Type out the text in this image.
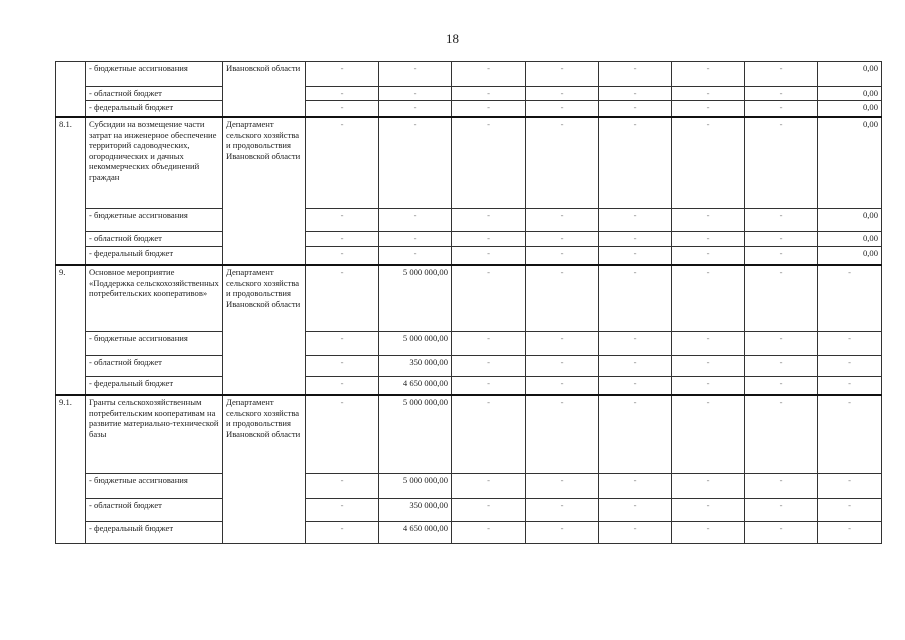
18
	- бюджетные ассигнования	Ивановской области	-	-	-	-	-	-	-	0,00
	- областной бюджет		-	-	-	-	-	-	-	0,00
	- федеральный бюджет		-	-	-	-	-	-	-	0,00
8.1.	Субсидии на возмещение части затрат на инженерное обеспечение территорий садоводческих, огороднических и дачных некоммерческих объединений граждан	Департамент сельского хозяйства и продовольствия Ивановской области	-	-	-	-	-	-	-	0,00
	- бюджетные ассигнования		-	-	-	-	-	-	-	0,00
	- областной бюджет		-	-	-	-	-	-	-	0,00
	- федеральный бюджет		-	-	-	-	-	-	-	0,00
9.	Основное мероприятие «Поддержка сельскохозяйственных потребительских кооперативов»	Департамент сельского хозяйства и продовольствия Ивановской области	-	5 000 000,00	-	-	-	-	-	-
	- бюджетные ассигнования		-	5 000 000,00	-	-	-	-	-	-
	- областной бюджет		-	350 000,00	-	-	-	-	-	-
	- федеральный бюджет		-	4 650 000,00	-	-	-	-	-	-
9.1.	Гранты сельскохозяйственным потребительским кооперативам на развитие материально-технической базы	Департамент сельского хозяйства и продовольствия Ивановской области	-	5 000 000,00	-	-	-	-	-	-
	- бюджетные ассигнования		-	5 000 000,00	-	-	-	-	-	-
	- областной бюджет		-	350 000,00	-	-	-	-	-	-
	- федеральный бюджет		-	4 650 000,00	-	-	-	-	-	-
